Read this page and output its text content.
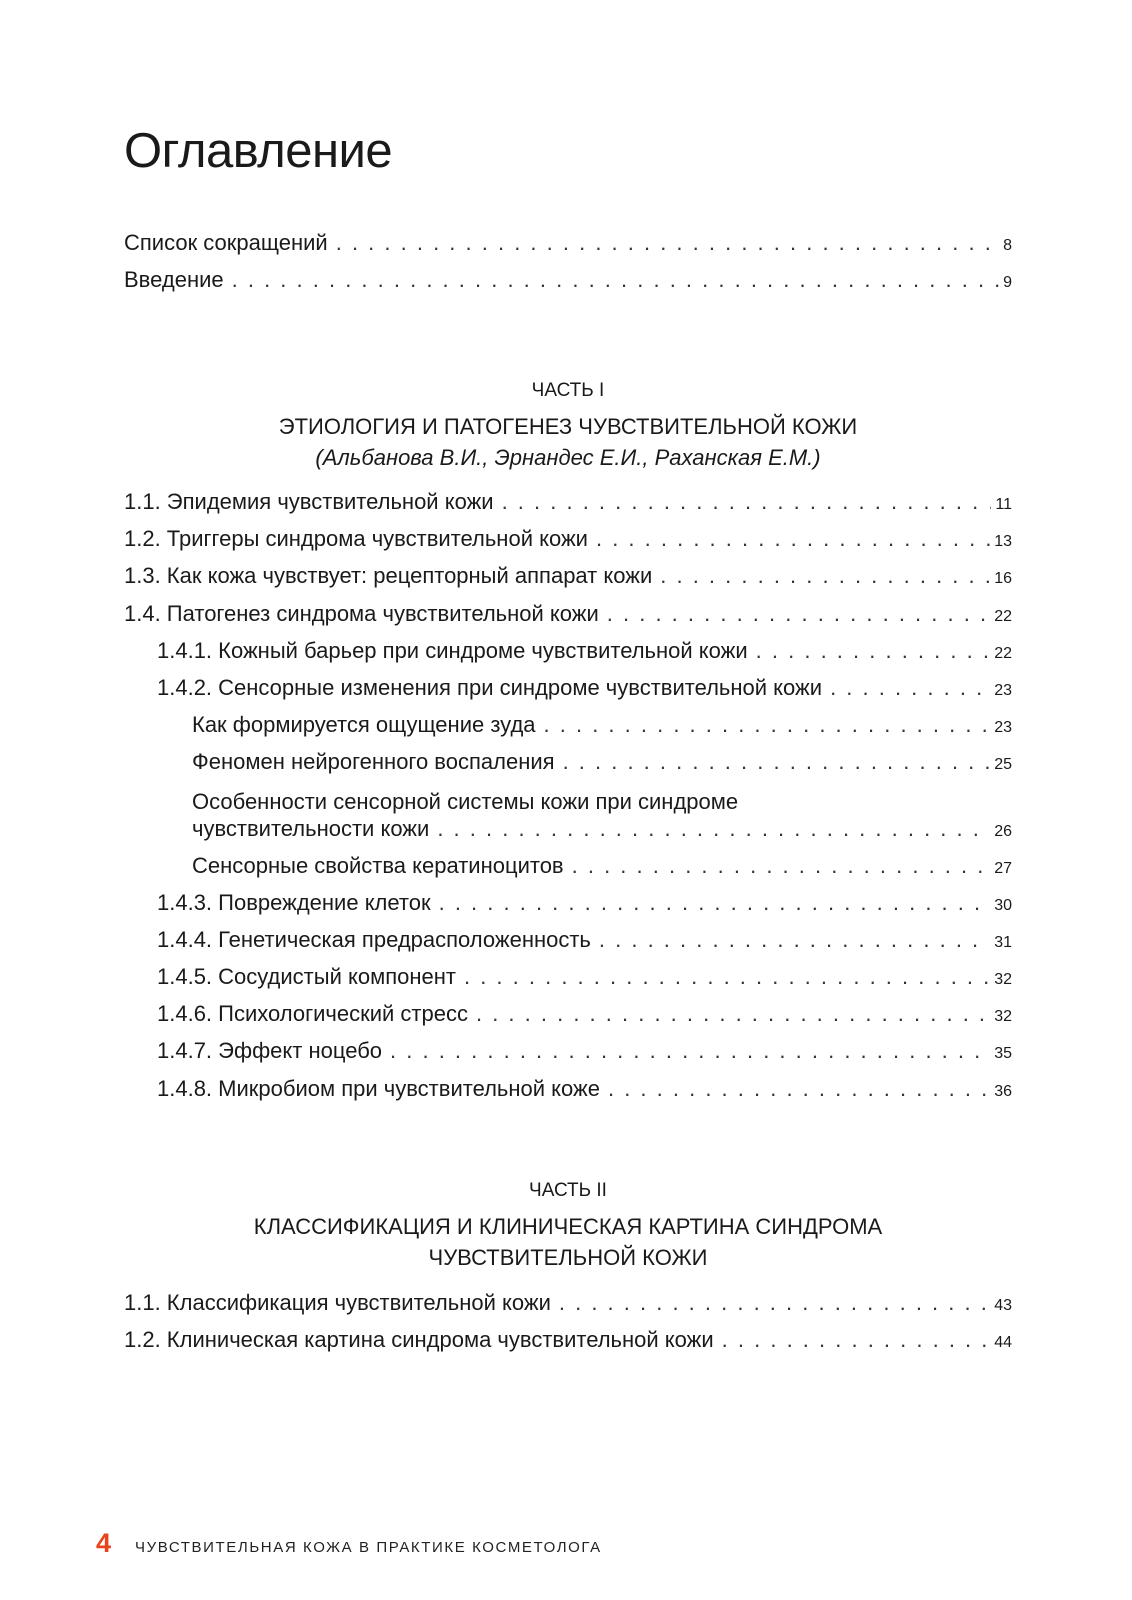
Оглавление
Список сокращений . . .	8
Введение . . .	9
ЧАСТЬ I
ЭТИОЛОГИЯ И ПАТОГЕНЕЗ ЧУВСТВИТЕЛЬНОЙ КОЖИ
(Альбанова В.И., Эрнандес Е.И., Раханская Е.М.)
1.1. Эпидемия чувствительной кожи . . .	11
1.2. Триггеры синдрома чувствительной кожи . . .	13
1.3. Как кожа чувствует: рецепторный аппарат кожи . . .	16
1.4. Патогенез синдрома чувствительной кожи . . .	22
1.4.1. Кожный барьер при синдроме чувствительной кожи . . .	22
1.4.2. Сенсорные изменения при синдроме чувствительной кожи . . .	23
Как формируется ощущение зуда . . .	23
Феномен нейрогенного воспаления . . .	25
Особенности сенсорной системы кожи при синдроме
чувствительности кожи . . .	26
Сенсорные свойства кератиноцитов . . .	27
1.4.3. Повреждение клеток . . .	30
1.4.4. Генетическая предрасположенность . . .	31
1.4.5. Сосудистый компонент . . .	32
1.4.6. Психологический стресс . . .	32
1.4.7. Эффект ноцебо . . .	35
1.4.8. Микробиом при чувствительной коже . . .	36
ЧАСТЬ II
КЛАССИФИКАЦИЯ И КЛИНИЧЕСКАЯ КАРТИНА СИНДРОМА
ЧУВСТВИТЕЛЬНОЙ КОЖИ
1.1. Классификация чувствительной кожи . . .	43
1.2. Клиническая картина синдрома чувствительной кожи . . .	44
4 ЧУВСТВИТЕЛЬНАЯ КОЖА В ПРАКТИКЕ КОСМЕТОЛОГА
